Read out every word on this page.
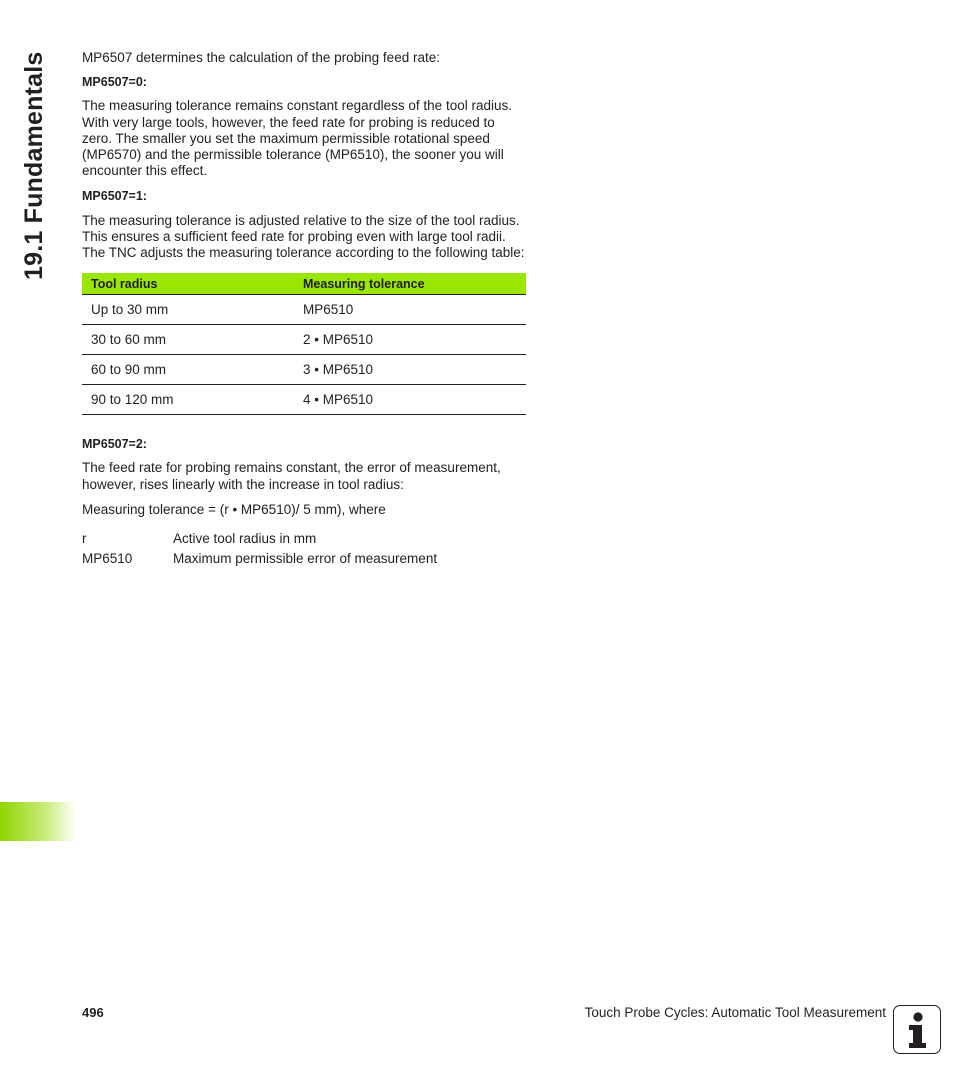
19.1 Fundamentals	MP6507 determines the calculation of the probing feed rate:

MP6507=0:

The measuring tolerance remains constant regardless of the tool radius. With very large tools, however, the feed rate for probing is reduced to zero. The smaller you set the maximum permissible rotational speed (MP6570) and the permissible tolerance (MP6510), the sooner you will encounter this effect.

MP6507=1:

The measuring tolerance is adjusted relative to the size of the tool radius. This ensures a sufficient feed rate for probing even with large tool radii. The TNC adjusts the measuring tolerance according to the following table:

Tool radius	Measuring tolerance
Up to 30 mm	MP6510
30 to 60 mm	2 • MP6510
60 to 90 mm	3 • MP6510
90 to 120 mm	4 • MP6510

MP6507=2:

The feed rate for probing remains constant, the error of measurement, however, rises linearly with the increase in tool radius:

Measuring tolerance = (r • MP6510)/ 5 mm), where

r	Active tool radius in mm
MP6510	Maximum permissible error of measurement
496	Touch Probe Cycles: Automatic Tool Measurement
